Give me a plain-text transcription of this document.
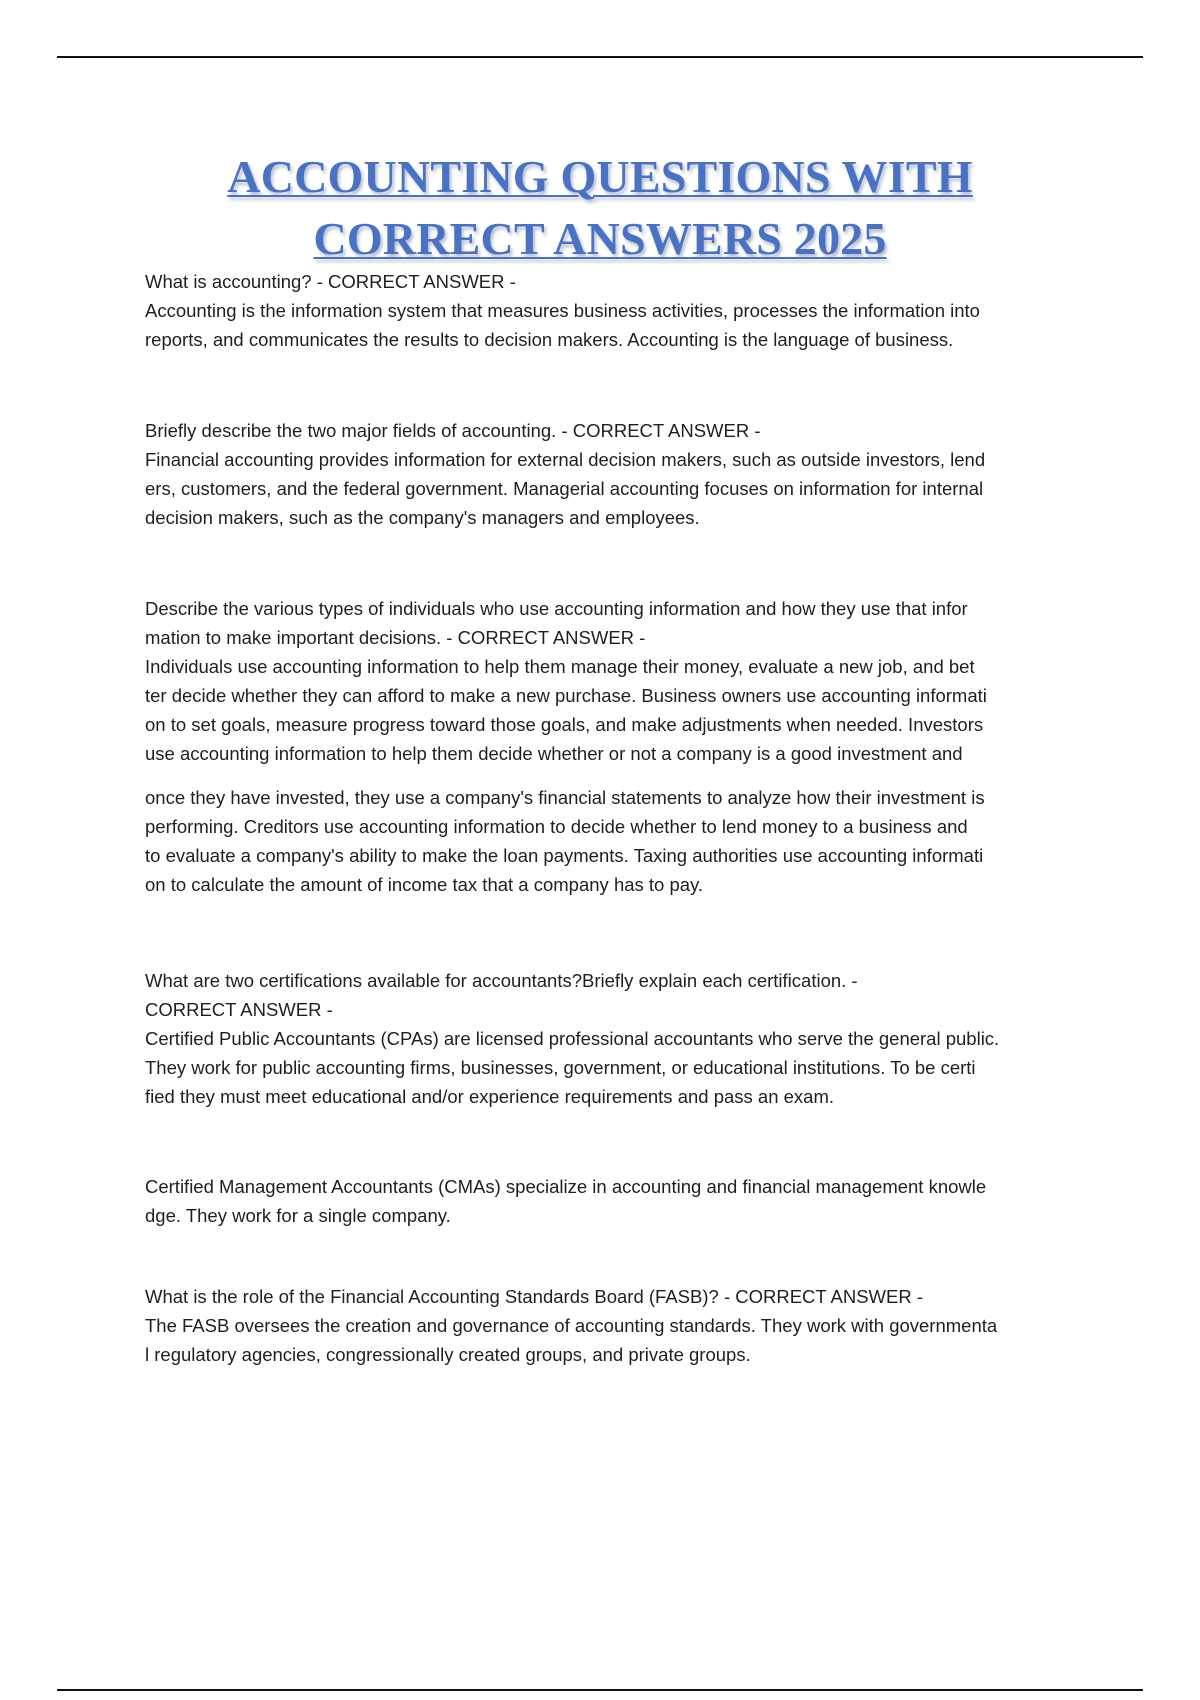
ACCOUNTING QUESTIONS WITH
CORRECT ANSWERS 2025

What is accounting? - CORRECT ANSWER -

Accounting is the information system that measures business activities, processes the information into

reports, and communicates the results to decision makers. Accounting is the language of business.

Briefly describe the two major fields of accounting. - CORRECT ANSWER -

Financial accounting provides information for external decision makers, such as outside investors, lend

ers, customers, and the federal government. Managerial accounting focuses on information for internal

decision makers, such as the company's managers and employees.

Describe the various types of individuals who use accounting information and how they use that infor

mation to make important decisions. - CORRECT ANSWER -

Individuals use accounting information to help them manage their money, evaluate a new job, and bet

ter decide whether they can afford to make a new purchase. Business owners use accounting informati

on to set goals, measure progress toward those goals, and make adjustments when needed. Investors

use accounting information to help them decide whether or not a company is a good investment and

once they have invested, they use a company's financial statements to analyze how their investment is

performing. Creditors use accounting information to decide whether to lend money to a business and

to evaluate a company's ability to make the loan payments. Taxing authorities use accounting informati

on to calculate the amount of income tax that a company has to pay.

What are two certifications available for accountants?Briefly explain each certification. -

CORRECT ANSWER -

Certified Public Accountants (CPAs) are licensed professional accountants who serve the general public.

They work for public accounting firms, businesses, government, or educational institutions. To be certi

fied they must meet educational and/or experience requirements and pass an exam.

Certified Management Accountants (CMAs) specialize in accounting and financial management knowle

dge. They work for a single company.

What is the role of the Financial Accounting Standards Board (FASB)? - CORRECT ANSWER -

The FASB oversees the creation and governance of accounting standards. They work with governmenta

l regulatory agencies, congressionally created groups, and private groups.
